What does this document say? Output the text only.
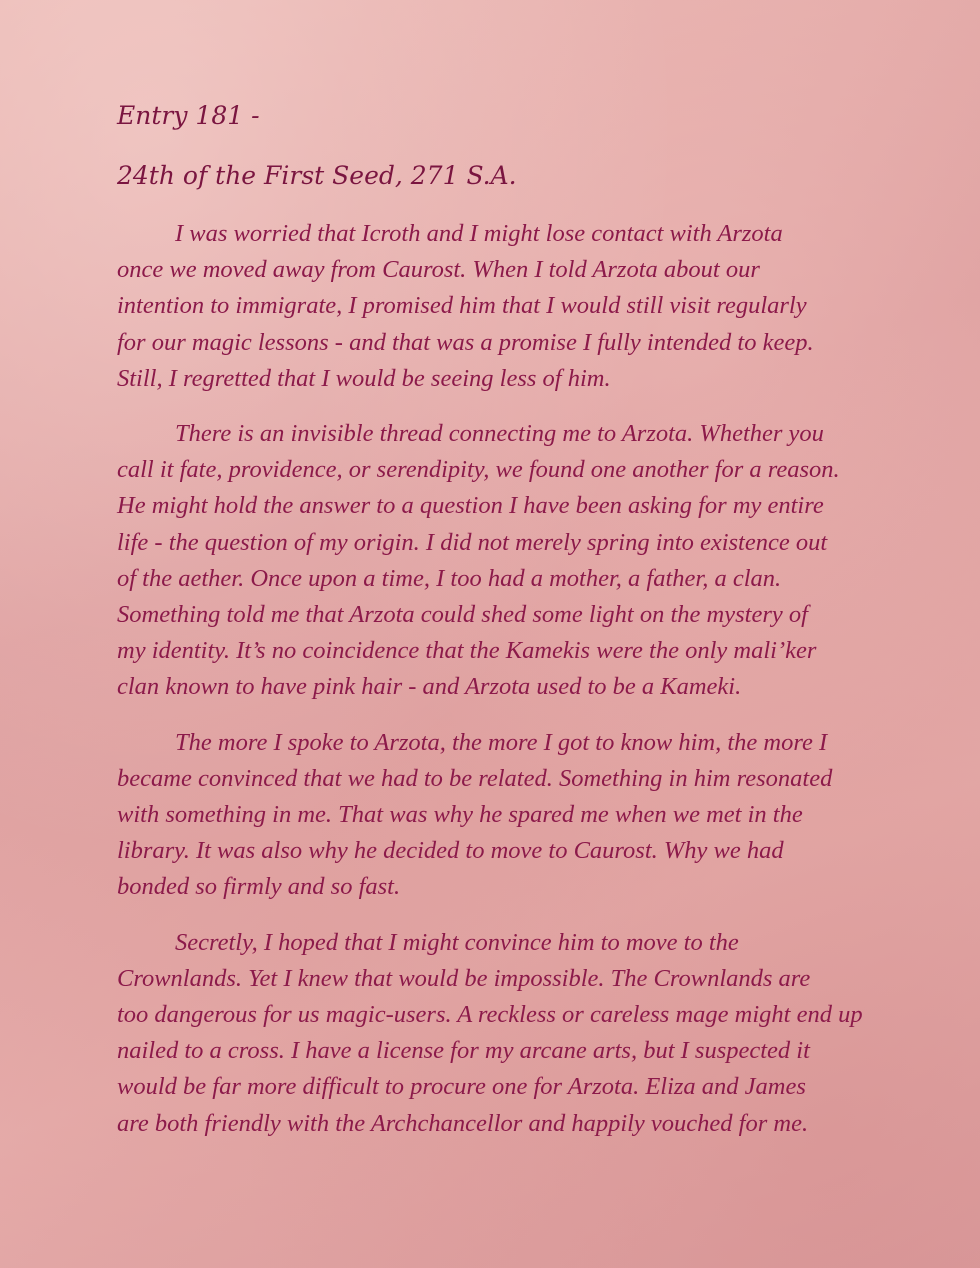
Entry 181 -
24th of the First Seed, 271 S.A.

I was worried that Icroth and I might lose contact with Arzota
once we moved away from Caurost. When I told Arzota about our
intention to immigrate, I promised him that I would still visit regularly
for our magic lessons - and that was a promise I fully intended to keep.
Still, I regretted that I would be seeing less of him.

There is an invisible thread connecting me to Arzota. Whether you
call it fate, providence, or serendipity, we found one another for a reason.
He might hold the answer to a question I have been asking for my entire
life - the question of my origin. I did not merely spring into existence out
of the aether. Once upon a time, I too had a mother, a father, a clan.
Something told me that Arzota could shed some light on the mystery of
my identity. It’s no coincidence that the Kamekis were the only mali’ker
clan known to have pink hair - and Arzota used to be a Kameki.

The more I spoke to Arzota, the more I got to know him, the more I
became convinced that we had to be related. Something in him resonated
with something in me. That was why he spared me when we met in the
library. It was also why he decided to move to Caurost. Why we had
bonded so firmly and so fast.

Secretly, I hoped that I might convince him to move to the
Crownlands. Yet I knew that would be impossible. The Crownlands are
too dangerous for us magic-users. A reckless or careless mage might end up
nailed to a cross. I have a license for my arcane arts, but I suspected it
would be far more difficult to procure one for Arzota. Eliza and James
are both friendly with the Archchancellor and happily vouched for me.
